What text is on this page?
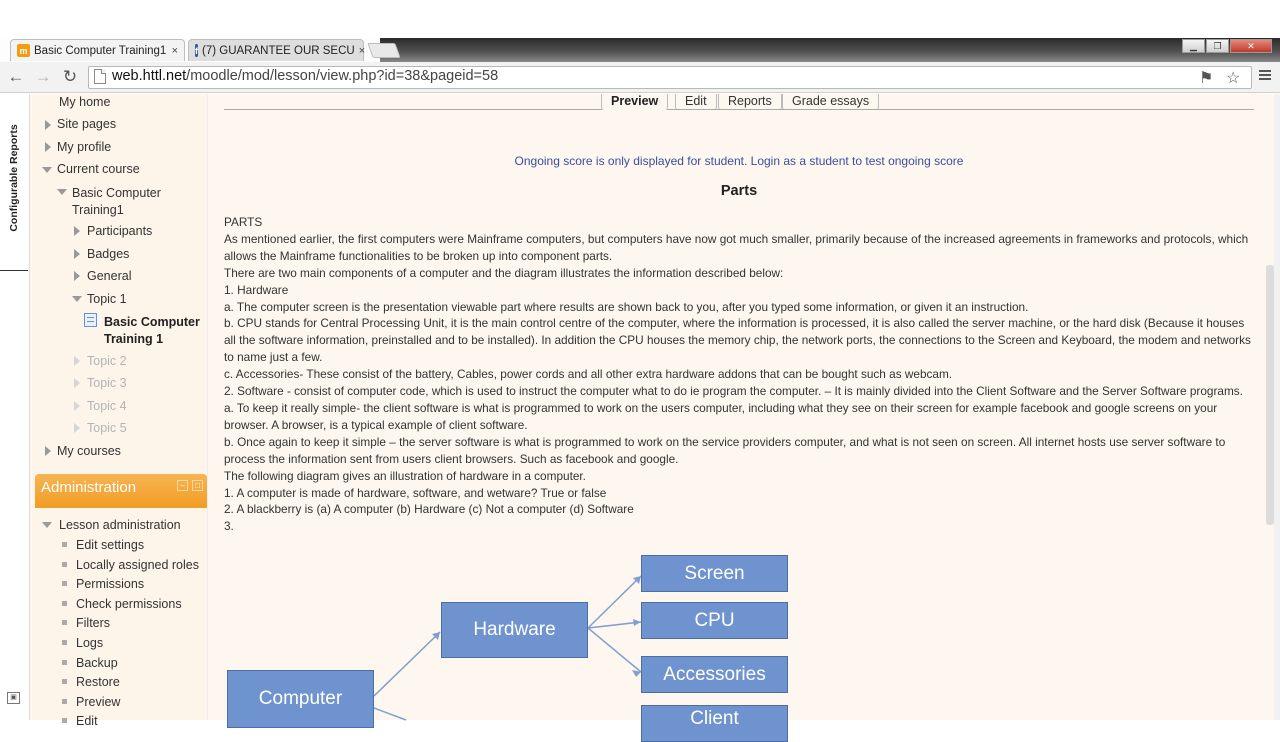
m Basic Computer Training1 × f (7) GUARANTEE OUR SECU ×	▁	❐	✕
← → ↻ web.httl.net/moodle/mod/lesson/view.php?id=38&pageid=58	⚑ ☆
Configurable Reports
▣
My home
Site pages
My profile
Current course
Basic Computer Training1
Participants
Badges
General
Topic 1
Basic Computer Training 1
Topic 2
Topic 3
Topic 4
Topic 5
My courses
Administration	–	□
Lesson administration
Edit settings
Locally assigned roles
Permissions
Check permissions
Filters
Logs
Backup
Restore
Preview
Edit
Preview	Edit	Reports	Grade essays
Ongoing score is only displayed for student. Login as a student to test ongoing score
Parts

PARTS

As mentioned earlier, the first computers were Mainframe computers, but computers have now got much smaller, primarily because of the increased agreements in frameworks and protocols, which allows the Mainframe functionalities to be broken up into component parts.

There are two main components of a computer and the diagram illustrates the information described below:

1. Hardware

a. The computer screen is the presentation viewable part where results are shown back to you, after you typed some information, or given it an instruction.

b. CPU stands for Central Processing Unit, it is the main control centre of the computer, where the information is processed, it is also called the server machine, or the hard disk (Because it houses all the software information, preinstalled and to be installed). In addition the CPU houses the memory chip, the network ports, the connections to the Screen and Keyboard, the modem and networks to name just a few.

c. Accessories- These consist of the battery, Cables, power cords and all other extra hardware addons that can be bought such as webcam.

2. Software - consist of computer code, which is used to instruct the computer what to do ie program the computer. – It is mainly divided into the Client Software and the Server Software programs.

a. To keep it really simple- the client software is what is programmed to work on the users computer, including what they see on their screen for example facebook and google screens on your browser. A browser, is a typical example of client software.

b. Once again to keep it simple – the server software is what is programmed to work on the service providers computer, and what is not seen on screen. All internet hosts use server software to process the information sent from users client browsers. Such as facebook and google.

The following diagram gives an illustration of hardware in a computer.

1. A computer is made of hardware, software, and wetware? True or false

2. A blackberry is (a) A computer (b) Hardware (c) Not a computer (d) Software

3.

Computer
Hardware
Screen
CPU
Accessories
Client
